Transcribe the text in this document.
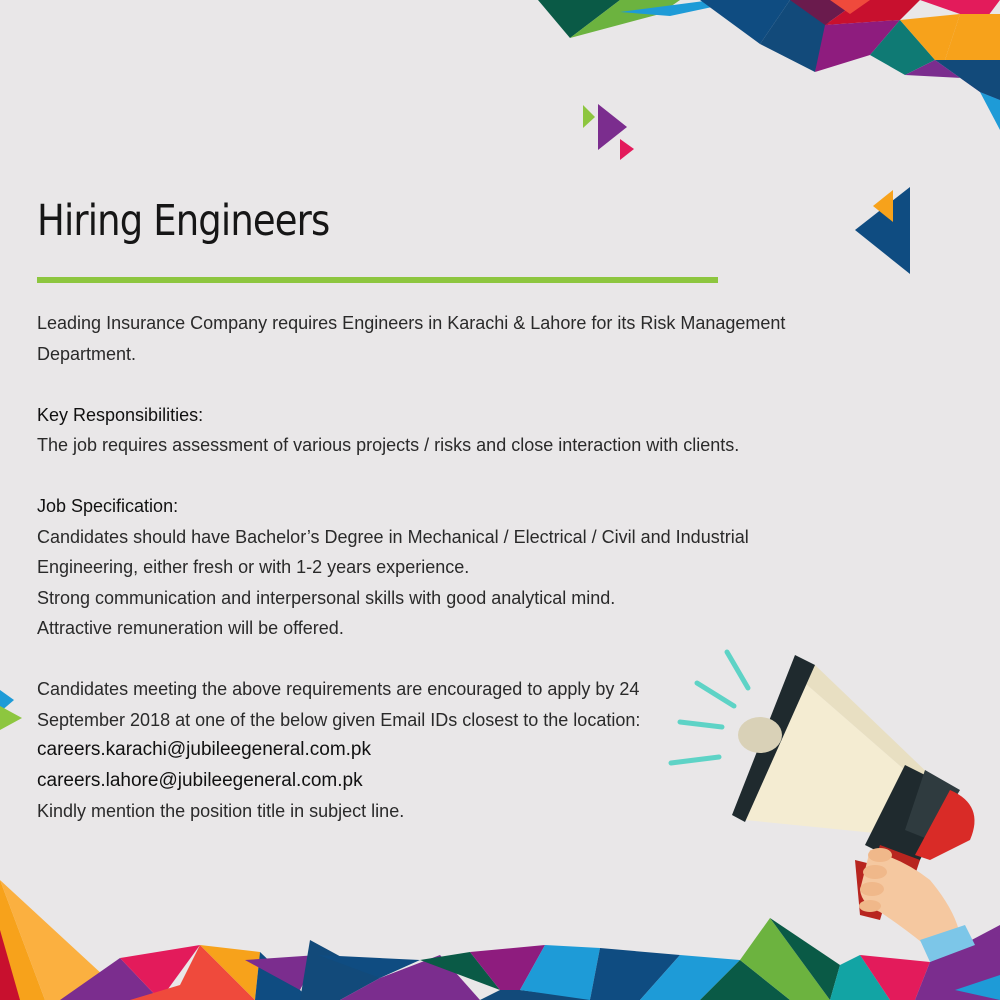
Hiring Engineers

Leading Insurance Company requires Engineers in Karachi & Lahore for its Risk Management Department.

Key Responsibilities:

The job requires assessment of various projects / risks and close interaction with clients.

Job Specification:

Candidates should have Bachelor’s Degree in Mechanical / Electrical / Civil and Industrial Engineering, either fresh or with 1-2 years experience.

Strong communication and interpersonal skills with good analytical mind.

Attractive remuneration will be offered.

Candidates meeting the above requirements are encouraged to apply by 24 September 2018 at one of the below given Email IDs closest to the location:

careers.karachi@jubileegeneral.com.pk

careers.lahore@jubileegeneral.com.pk

Kindly mention the position title in subject line.
